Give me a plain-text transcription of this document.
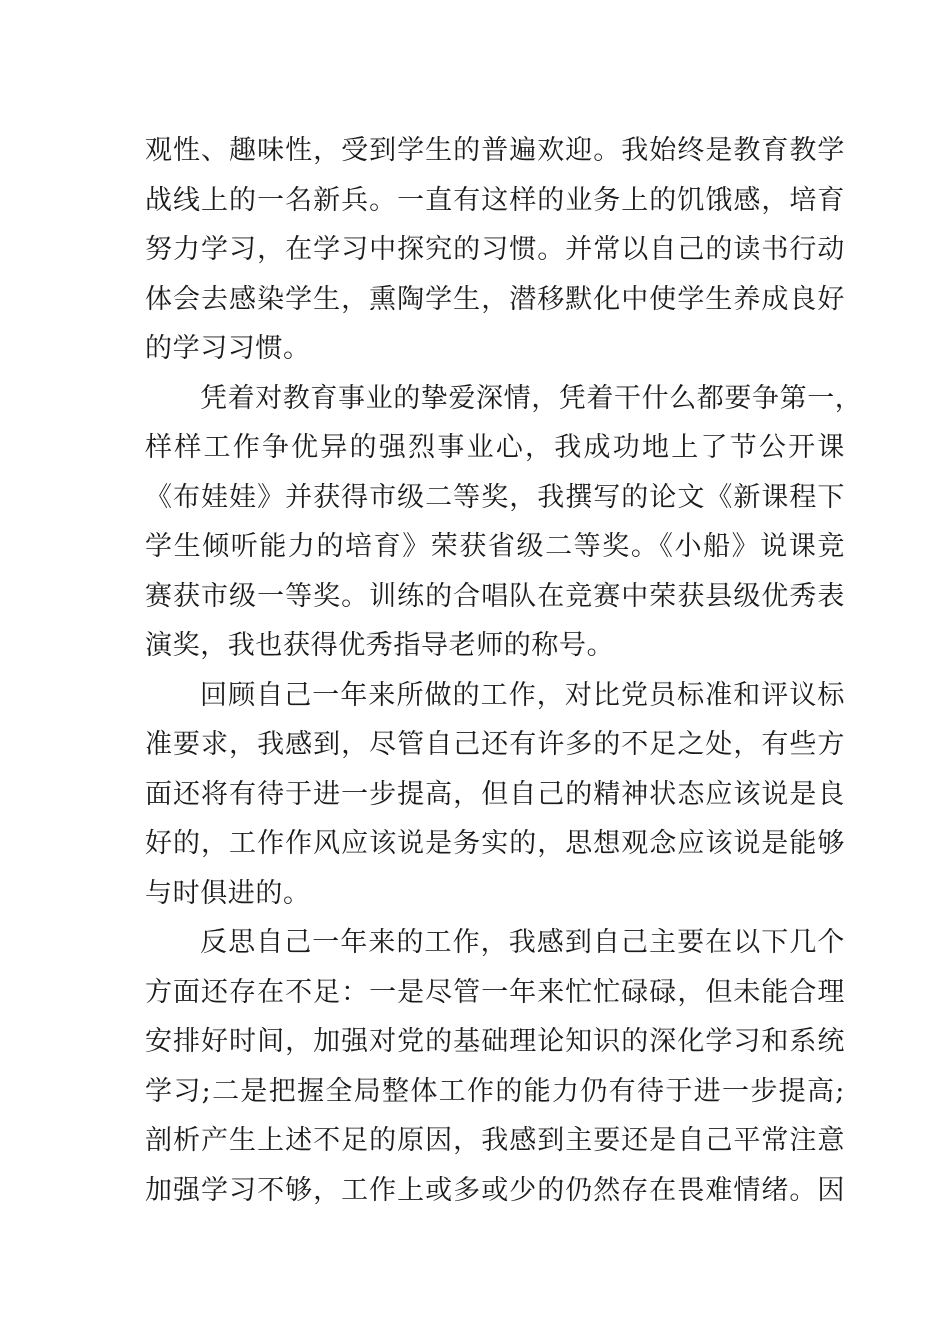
观性、趣味性，受到学生的普遍欢迎。我始终是教育教学
战线上的一名新兵。一直有这样的业务上的饥饿感，培育
努力学习，在学习中探究的习惯。并常以自己的读书行动
体会去感染学生，熏陶学生，潜移默化中使学生养成良好
的学习习惯。
凭着对教育事业的挚爱深情，凭着干什么都要争第一，
样样工作争优异的强烈事业心，我成功地上了节公开课
《布娃娃》并获得市级二等奖，我撰写的论文《新课程下
学生倾听能力的培育》荣获省级二等奖。《小船》说课竞
赛获市级一等奖。训练的合唱队在竞赛中荣获县级优秀表
演奖，我也获得优秀指导老师的称号。
回顾自己一年来所做的工作，对比党员标准和评议标
准要求，我感到，尽管自己还有许多的不足之处，有些方
面还将有待于进一步提高，但自己的精神状态应该说是良
好的，工作作风应该说是务实的，思想观念应该说是能够
与时俱进的。
反思自己一年来的工作，我感到自己主要在以下几个
方面还存在不足：一是尽管一年来忙忙碌碌，但未能合理
安排好时间，加强对党的基础理论知识的深化学习和系统
学习;二是把握全局整体工作的能力仍有待于进一步提高;
剖析产生上述不足的原因，我感到主要还是自己平常注意
加强学习不够，工作上或多或少的仍然存在畏难情绪。因
